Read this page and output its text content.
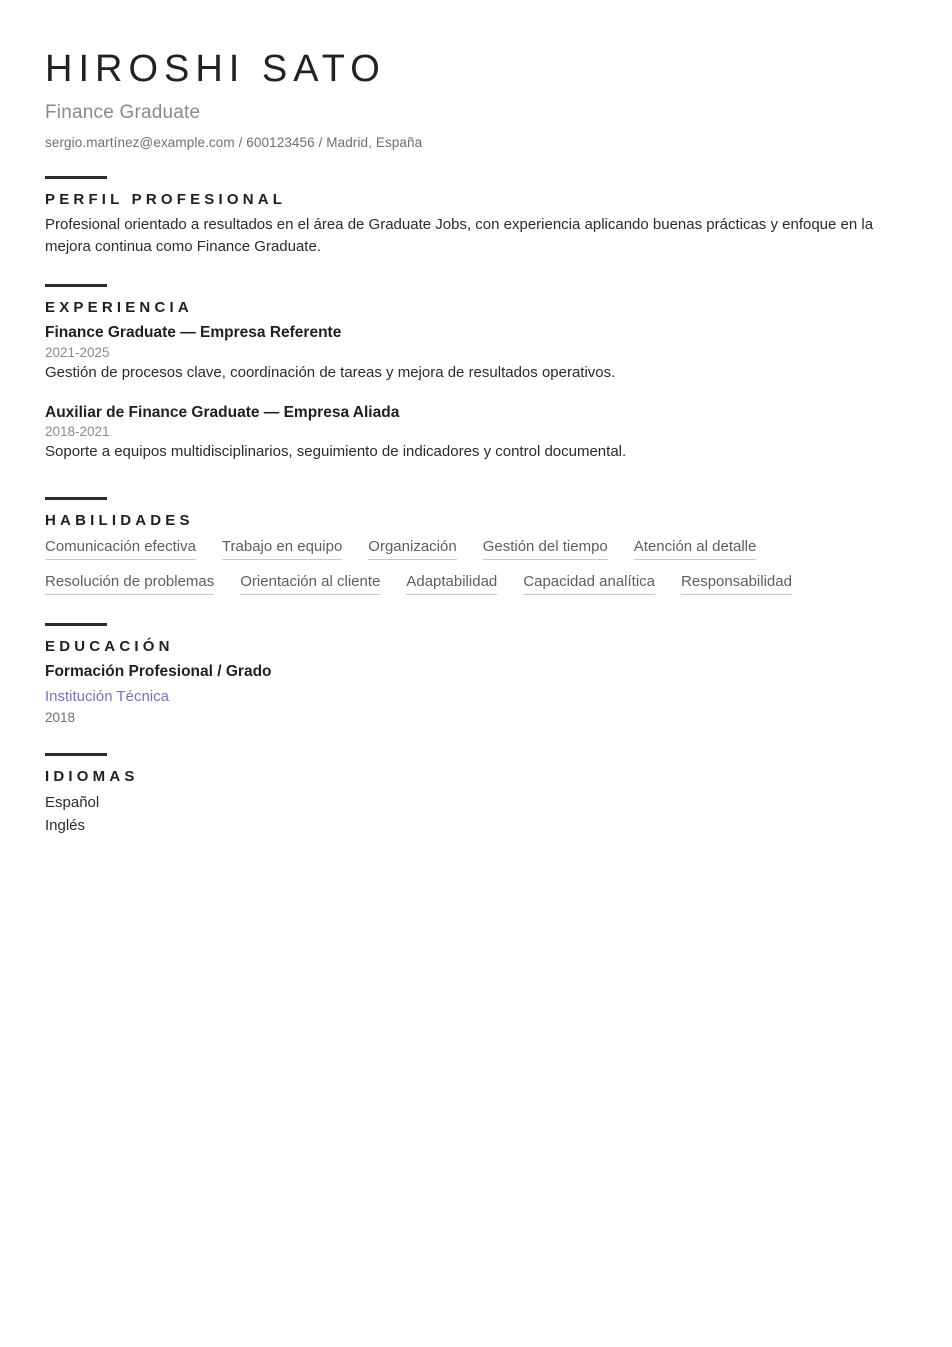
HIROSHI SATO
Finance Graduate
sergio.martínez@example.com / 600123456 / Madrid, España
PERFIL PROFESIONAL

Profesional orientado a resultados en el área de Graduate Jobs, con experiencia aplicando buenas prácticas y enfoque en la mejora continua como Finance Graduate.

EXPERIENCIA
Finance Graduate — Empresa Referente
2021-2025
Gestión de procesos clave, coordinación de tareas y mejora de resultados operativos.
Auxiliar de Finance Graduate — Empresa Aliada
2018-2021
Soporte a equipos multidisciplinarios, seguimiento de indicadores y control documental.
HABILIDADES
Comunicación efectiva Trabajo en equipo Organización Gestión del tiempo Atención al detalle
Resolución de problemas Orientación al cliente Adaptabilidad Capacidad analítica Responsabilidad
EDUCACIÓN
Formación Profesional / Grado
Institución Técnica
2018
IDIOMAS

Español

Inglés
